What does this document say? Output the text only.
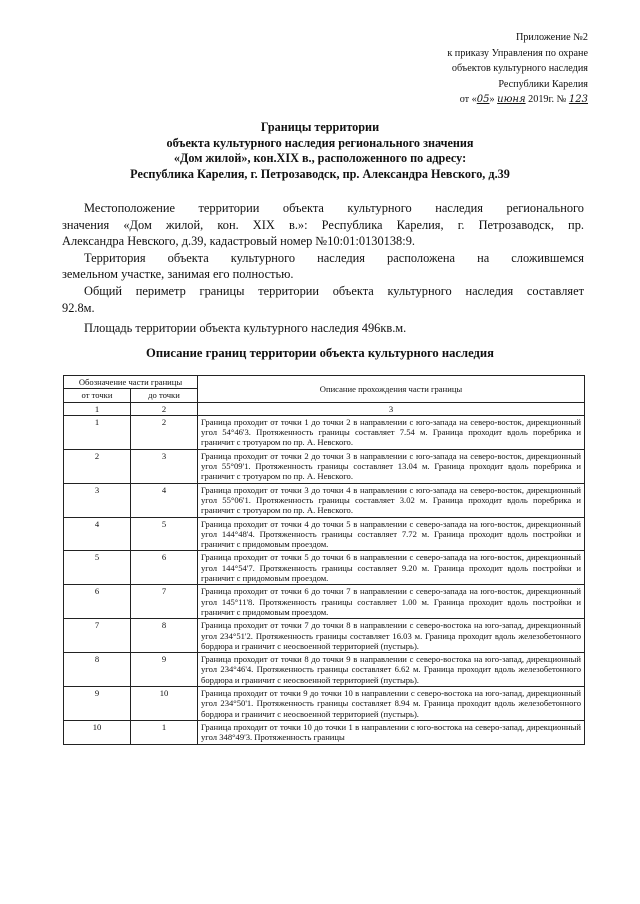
Приложение №2
к приказу Управления по охране
объектов культурного наследия
Республики Карелия
от «05» июня 2019г. № 123
Границы территории
объекта культурного наследия регионального значения
«Дом жилой», кон.XIX в., расположенного по адресу:
Республика Карелия, г. Петрозаводск, пр. Александра Невского, д.39

Местоположение территории объекта культурного наследия регионального

значения «Дом жилой, кон. XIX в.»: Республика Карелия, г. Петрозаводск, пр.

Александра Невского, д.39, кадастровый номер №10:01:0130138:9.

Территория объекта культурного наследия расположена на сложившемся

земельном участке, занимая его полностью.

Общий периметр границы территории объекта культурного наследия составляет

92.8м.

Площадь территории объекта культурного наследия 496кв.м.

Описание границ территории объекта культурного наследия
Обозначение части границы		Описание прохождения части границы
от точки	до точки	
1	2	3
1	2	Граница проходит от точки 1 до точки 2 в направлении с юго-запада на северо-восток, дирекционный угол 54°46'3. Протяженность границы составляет 7.54 м. Граница проходит вдоль поребрика и граничит с тротуаром по пр. А. Невского.
2	3	Граница проходит от точки 2 до точки 3 в направлении с юго-запада на северо-восток, дирекционный угол 55°09'1. Протяженность границы составляет 13.04 м. Граница проходит вдоль поребрика и граничит с тротуаром по пр. А. Невского.
3	4	Граница проходит от точки 3 до точки 4 в направлении с юго-запада на северо-восток, дирекционный угол 55°06'1. Протяженность границы составляет 3.02 м. Граница проходит вдоль поребрика и граничит с тротуаром по пр. А. Невского.
4	5	Граница проходит от точки 4 до точки 5 в направлении с северо-запада на юго-восток, дирекционный угол 144°48'4. Протяженность границы составляет 7.72 м. Граница проходит вдоль постройки и граничит с придомовым проездом.
5	6	Граница проходит от точки 5 до точки 6 в направлении с северо-запада на юго-восток, дирекционный угол 144°54'7. Протяженность границы составляет 9.20 м. Граница проходит вдоль постройки и граничит с придомовым проездом.
6	7	Граница проходит от точки 6 до точки 7 в направлении с северо-запада на юго-восток, дирекционный угол 145°11'8. Протяженность границы составляет 1.00 м. Граница проходит вдоль постройки и граничит с придомовым проездом.
7	8	Граница проходит от точки 7 до точки 8 в направлении с северо-востока на юго-запад, дирекционный угол 234°51'2. Протяженность границы составляет 16.03 м. Граница проходит вдоль железобетонного бордюра и граничит с неосвоенной территорией (пустырь).
8	9	Граница проходит от точки 8 до точки 9 в направлении с северо-востока на юго-запад, дирекционный угол 234°46'4. Протяженность границы составляет 6.62 м. Граница проходит вдоль железобетонного бордюра и граничит с неосвоенной территорией (пустырь).
9	10	Граница проходит от точки 9 до точки 10 в направлении с северо-востока на юго-запад, дирекционный угол 234°50'1. Протяженность границы составляет 8.94 м. Граница проходит вдоль железобетонного бордюра и граничит с неосвоенной территорией (пустырь).
10	1	Граница проходит от точки 10 до точки 1 в направлении с юго-востока на северо-запад, дирекционный угол 348°49'3. Протяженность границы
